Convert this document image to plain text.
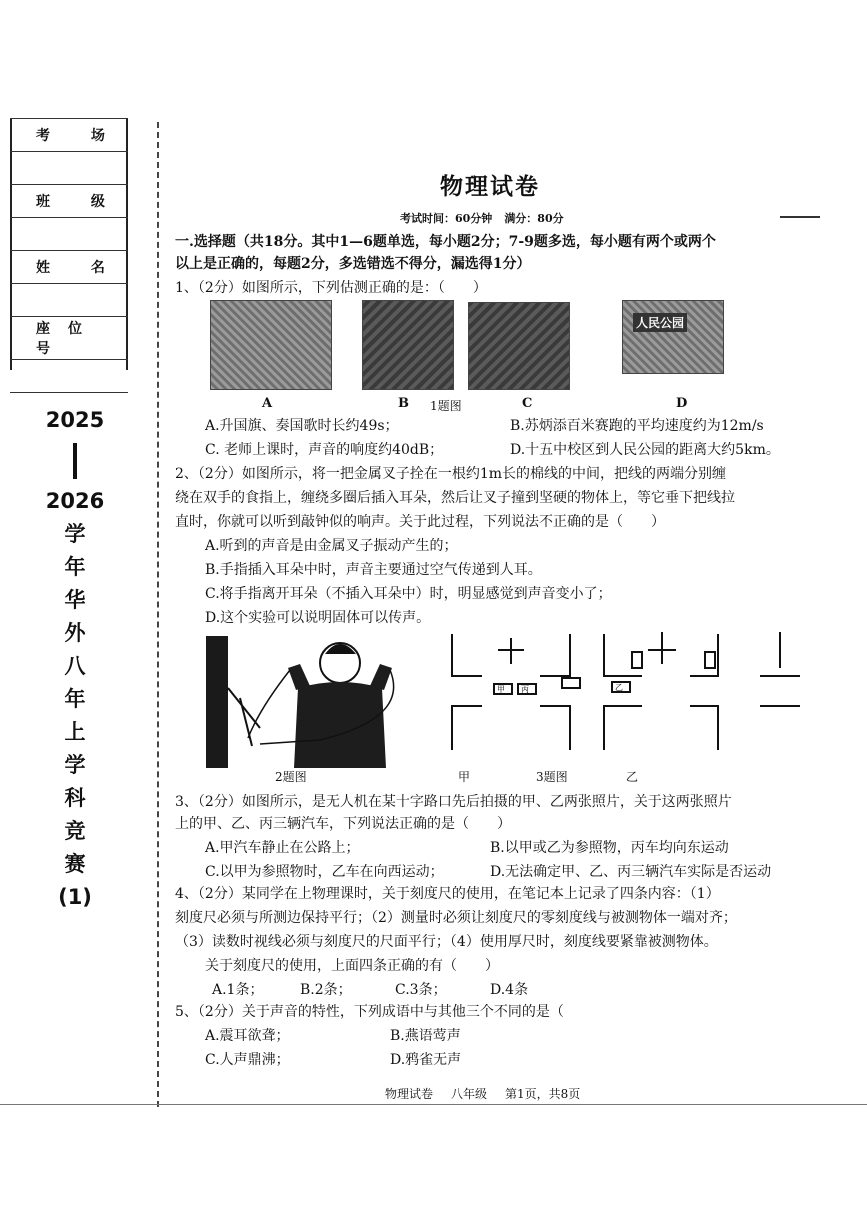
考 场

班 级

姓 名

座位号

2025
2026
学
年
华
外
八
年
上
学
科
竞
赛
(1)
物理试卷
考试时间：60分钟 满分：80分
一.选择题（共18分。其中1—6题单选，每小题2分；7-9题多选，每小题有两个或两个
以上是正确的，每题2分，多选错选不得分，漏选得1分）
1、（2分）如图所示，下列估测正确的是：（　　）
人民公园
A	B 1题图	C	D
A.升国旗、奏国歌时长约49s；	B.苏炳添百米赛跑的平均速度约为12m/s
C. 老师上课时，声音的响度约40dB；	D.十五中校区到人民公园的距离大约5km。
2、（2分）如图所示，将一把金属叉子拴在一根约1m长的棉线的中间，把线的两端分别缠
绕在双手的食指上，缠绕多圈后插入耳朵，然后让叉子撞到坚硬的物体上，等它垂下把线拉
直时，你就可以听到敲钟似的响声。关于此过程，下列说法不正确的是（　　）
A.听到的声音是由金属叉子振动产生的；
B.手指插入耳朵中时，声音主要通过空气传递到人耳。
C.将手指离开耳朵（不插入耳朵中）时，明显感觉到声音变小了；
D.这个实验可以说明固体可以传声。
甲 丙	乙
2题图	甲	3题图	乙
3、（2分）如图所示，是无人机在某十字路口先后拍摄的甲、乙两张照片，关于这两张照片
上的甲、乙、丙三辆汽车，下列说法正确的是（　　）
A.甲汽车静止在公路上；	B.以甲或乙为参照物，丙车均向东运动
C.以甲为参照物时，乙车在向西运动；	D.无法确定甲、乙、丙三辆汽车实际是否运动
4、（2分）某同学在上物理课时，关于刻度尺的使用，在笔记本上记录了四条内容：（1）
刻度尺必须与所测边保持平行；（2）测量时必须让刻度尺的零刻度线与被测物体一端对齐；
（3）读数时视线必须与刻度尺的尺面平行；（4）使用厚尺时，刻度线要紧靠被测物体。
关于刻度尺的使用，上面四条正确的有（　　）
A.1条；	B.2条；	C.3条；	D.4条
5、（2分）关于声音的特性，下列成语中与其他三个不同的是（
A.震耳欲聋；	B.燕语莺声
C.人声鼎沸；	D.鸦雀无声
物理试卷 八年级 第1页，共8页
